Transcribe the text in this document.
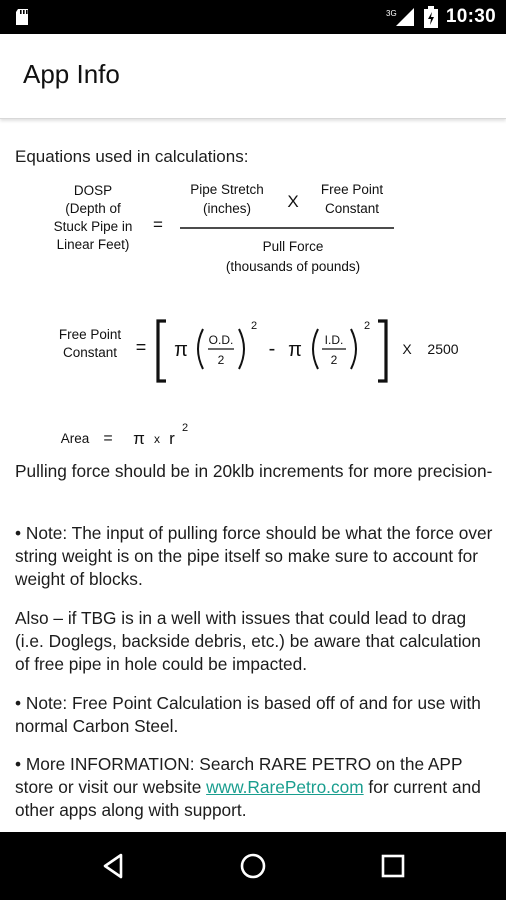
3G	10:30
App Info
Equations used in calculations:
DOSP
(Depth of
Stuck Pipe in
Linear Feet)
=
Pipe Stretch
(inches) X
Free Point
Constant
Pull Force
(thousands of pounds)
Free Point
Constant = π O.D.
2
2
- π I.D.
2
2
X 2500
Area = π x r
2

Pulling force should be in 20klb increments for more precision-

• Note: The input of pulling force should be what the force over string weight is on the pipe itself so make sure to account for weight of blocks.

Also – if TBG is in a well with issues that could lead to drag (i.e. Doglegs, backside debris, etc.) be aware that calculation of free pipe in hole could be impacted.

• Note: Free Point Calculation is based off of and for use with normal Carbon Steel.

• More INFORMATION: Search RARE PETRO on the APP store or visit our website www.RarePetro.com for current and other apps along with support.
